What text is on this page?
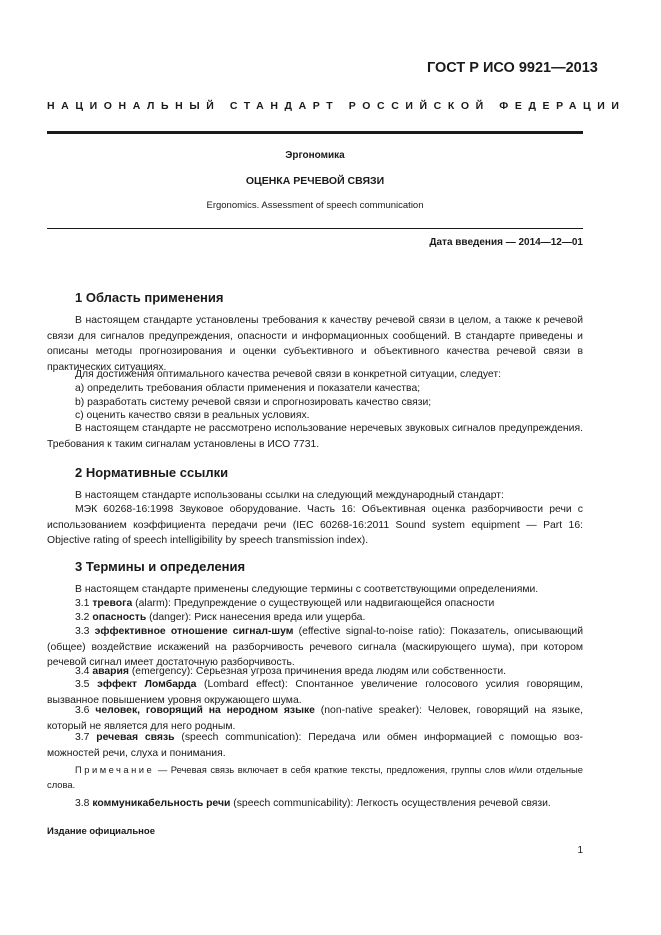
ГОСТ Р ИСО 9921—2013
НАЦИОНАЛЬНЫЙ СТАНДАРТ РОССИЙСКОЙ ФЕДЕРАЦИИ
Эргономика
ОЦЕНКА РЕЧЕВОЙ СВЯЗИ
Ergonomics. Assessment of speech communication
Дата введения — 2014—12—01
1 Область применения
В настоящем стандарте установлены требования к качеству речевой связи в целом, а также к речевой связи для сигналов предупреждения, опасности и информационных сообщений. В стандарте приведены и описаны методы прогнозирования и оценки субъективного и объективного качества речевой связи в практических ситуациях.
Для достижения оптимального качества речевой связи в конкретной ситуации, следует:
a) определить требования области применения и показатели качества;
b) разработать систему речевой связи и спрогнозировать качество связи;
c) оценить качество связи в реальных условиях.
В настоящем стандарте не рассмотрено использование неречевых звуковых сигналов предупреждения. Требования к таким сигналам установлены в ИСО 7731.
2 Нормативные ссылки
В настоящем стандарте использованы ссылки на следующий международный стандарт:
МЭК 60268-16:1998 Звуковое оборудование. Часть 16: Объективная оценка разборчивости речи с использованием коэффициента передачи речи (IEC 60268-16:2011 Sound system equipment — Part 16: Objective rating of speech intelligibility by speech transmission index).
3 Термины и определения
В настоящем стандарте применены следующие термины с соответствующими определениями.
3.1 тревога (alarm): Предупреждение о существующей или надвигающейся опасности
3.2 опасность (danger): Риск нанесения вреда или ущерба.
3.3 эффективное отношение сигнал-шум (effective signal-to-noise ratio): Показатель, описывающий (общее) воздействие искажений на разборчивость речевого сигнала (маскирующего шума), при котором речевой сигнал имеет достаточную разборчивость.
3.4 авария (emergency): Серьезная угроза причинения вреда людям или собственности.
3.5 эффект Ломбарда (Lombard effect): Спонтанное увеличение голосового усилия говорящим, вызванное повышением уровня окружающего шума.
3.6 человек, говорящий на неродном языке (non-native speaker): Человек, говорящий на языке, который не является для него родным.
3.7 речевая связь (speech communication): Передача или обмен информацией с помощью возможностей речи, слуха и понимания.
Примечание — Речевая связь включает в себя краткие тексты, предложения, группы слов и/или отдельные слова.
3.8 коммуникабельность речи (speech communicability): Легкость осуществления речевой связи.
Издание официальное
1
